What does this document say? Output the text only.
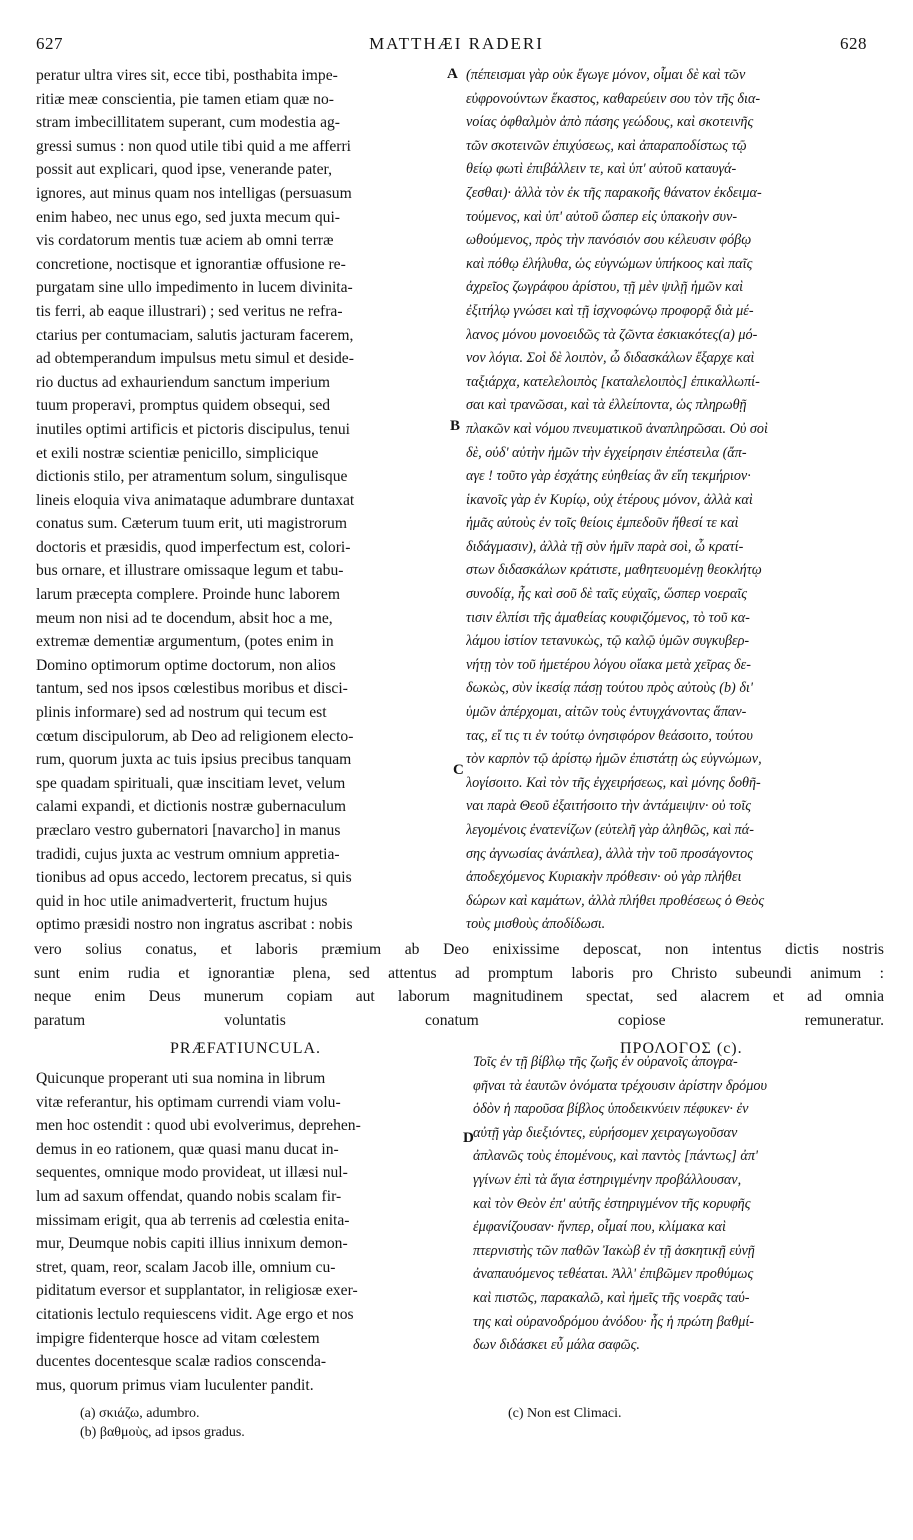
627	MATTHÆI RADERI	628
peratur ultra vires sit, ecce tibi, posthabita impe-
ritiæ meæ conscientia, pie tamen etiam quæ no-
stram imbecillitatem superant, cum modestia ag-
gressi sumus : non quod utile tibi quid a me afferri
possit aut explicari, quod ipse, venerande pater,
ignores, aut minus quam nos intelligas (persuasum
enim habeo, nec unus ego, sed juxta mecum qui-
vis cordatorum mentis tuæ aciem ab omni terræ
concretione, noctisque et ignorantiæ offusione re-
purgatam sine ullo impedimento in lucem divinita-
tis ferri, ab eaque illustrari) ; sed veritus ne refra-
ctarius per contumaciam, salutis jacturam facerem,
ad obtemperandum impulsus metu simul et deside-
rio ductus ad exhauriendum sanctum imperium
tuum properavi, promptus quidem obsequi, sed
inutiles optimi artificis et pictoris discipulus, tenui
et exili nostræ scientiæ penicillo, simplicique
dictionis stilo, per atramentum solum, singulisque
lineis eloquia viva animataque adumbrare duntaxat
conatus sum. Cæterum tuum erit, uti magistrorum
doctoris et præsidis, quod imperfectum est, colori-
bus ornare, et illustrare omissaque legum et tabu-
larum præcepta complere. Proinde hunc laborem
meum non nisi ad te docendum, absit hoc a me,
extremæ dementiæ argumentum, (potes enim in
Domino optimorum optime doctorum, non alios
tantum, sed nos ipsos cœlestibus moribus et disci-
plinis informare) sed ad nostrum qui tecum est
cœtum discipulorum, ab Deo ad religionem electo-
rum, quorum juxta ac tuis ipsius precibus tanquam
spe quadam spirituali, quæ inscitiam levet, velum
calami expandi, et dictionis nostræ gubernaculum
præclaro vestro gubernatori [navarcho] in manus
tradidi, cujus juxta ac vestrum omnium appretia-
tionibus ad opus accedo, lectorem precatus, si quis
quid in hoc utile animadverterit, fructum hujus
optimo præsidi nostro non ingratus ascribat : nobis
(πέπεισμαι γὰρ οὐκ ἔγωγε μόνον, οἶμαι δὲ καὶ τῶν
εὐφρονούντων ἕκαστος, καθαρεύειν σου τὸν τῆς δια-
νοίας ὀφθαλμὸν ἀπὸ πάσης γεώδους, καὶ σκοτεινῆς
τῶν σκοτεινῶν ἐπιχύσεως, καὶ ἀπαραποδίστως τῷ
θείῳ φωτὶ ἐπιβάλλειν τε, καὶ ὑπ' αὐτοῦ καταυγά-
ζεσθαι)· ἀλλὰ τὸν ἐκ τῆς παρακοῆς θάνατον ἐκδειμα-
τούμενος, καὶ ὑπ' αὐτοῦ ὥσπερ εἰς ὑπακοὴν συν-
ωθούμενος, πρὸς τὴν πανόσιόν σου κέλευσιν φόβῳ
καὶ πόθῳ ἐλήλυθα, ὡς εὐγνώμων ὑπήκοος καὶ παῖς
ἀχρεῖος ζωγράφου ἀρίστου, τῇ μὲν ψιλῇ ἡμῶν καὶ
ἐξιτήλῳ γνώσει καὶ τῇ ἰσχνοφώνῳ προφορᾷ διὰ μέ-
λανος μόνου μονοειδῶς τὰ ζῶντα ἐσκιακότες(a) μό-
νον λόγια. Σοὶ δὲ λοιπὸν, ὦ διδασκάλων ἔξαρχε καὶ
ταξιάρχα, κατελελοιπὸς [καταλελοιπὸς] ἐπικαλλωπί-
σαι καὶ τρανῶσαι, καὶ τὰ ἐλλείποντα, ὡς πληρωθῇ
πλακῶν καὶ νόμου πνευματικοῦ ἀναπληρῶσαι. Οὐ σοὶ
δὲ, οὐδ' αὐτὴν ἡμῶν τὴν ἐγχείρησιν ἐπέστειλα (ἄπ-
αγε ! τοῦτο γὰρ ἐσχάτης εὐηθείας ἂν εἴη τεκμήριον·
ἱκανοῖς γὰρ ἐν Κυρίῳ, οὐχ ἑτέρους μόνον, ἀλλὰ καὶ
ἡμᾶς αὐτοὺς ἐν τοῖς θείοις ἐμπεδοῦν ἤθεσί τε καὶ
διδάγμασιν), ἀλλὰ τῇ σὺν ἡμῖν παρὰ σοὶ, ὦ κρατί-
στων διδασκάλων κράτιστε, μαθητευομένῃ θεοκλήτῳ
συνοδίᾳ, ἧς καὶ σοῦ δὲ ταῖς εὐχαῖς, ὥσπερ νοεραῖς
τισιν ἐλπίσι τῆς ἀμαθείας κουφιζόμενος, τὸ τοῦ κα-
λάμου ἱστίον τετανυκὼς, τῷ καλῷ ὑμῶν συγκυβερ-
νήτῃ τὸν τοῦ ἡμετέρου λόγου οἴακα μετὰ χεῖρας δε-
δωκὼς, σὺν ἱκεσίᾳ πάσῃ τούτου πρὸς αὐτοὺς (b) δι'
ὑμῶν ἀπέρχομαι, αἰτῶν τοὺς ἐντυγχάνοντας ἅπαν-
τας, εἴ τις τι ἐν τούτῳ ὀνησιφόρον θεάσοιτο, τούτου
τὸν καρπὸν τῷ ἀρίστῳ ἡμῶν ἐπιστάτῃ ὡς εὐγνώμων,
λογίσοιτο. Καὶ τὸν τῆς ἐγχειρήσεως, καὶ μόνης δοθῆ-
ναι παρὰ Θεοῦ ἐξαιτήσοιτο τὴν ἀντάμειψιν· οὐ τοῖς
λεγομένοις ἐνατενίζων (εὐτελῆ γὰρ ἀληθῶς, καὶ πά-
σης ἀγνωσίας ἀνάπλεα), ἀλλὰ τὴν τοῦ προσάγοντος
ἀποδεχόμενος Κυριακὴν πρόθεσιν· οὐ γὰρ πλήθει
δώρων καὶ καμάτων, ἀλλὰ πλήθει προθέσεως ὁ Θεὸς
τοὺς μισθοὺς ἀποδίδωσι.
A
B
C
D
vero solius conatus, et laboris præmium ab Deo enixissime deposcat, non intentus dictis nostris
sunt enim rudia et ignorantiæ plena, sed attentus ad promptum laboris pro Christo subeundi animum :
neque enim Deus munerum copiam aut laborum magnitudinem spectat, sed alacrem et ad omnia
paratum voluntatis conatum copiose remuneratur.
PRÆFATIUNCULA.	ΠΡΟΛΟΓΟΣ (c).
Quicunque properant uti sua nomina in librum
vitæ referantur, his optimam currendi viam volu-
men hoc ostendit : quod ubi evolverimus, deprehen-
demus in eo rationem, quæ quasi manu ducat in-
sequentes, omnique modo provideat, ut illæsi nul-
lum ad saxum offendat, quando nobis scalam fir-
missimam erigit, qua ab terrenis ad cœlestia enita-
mur, Deumque nobis capiti illius innixum demon-
stret, quam, reor, scalam Jacob ille, omnium cu-
piditatum eversor et supplantator, in religiosæ exer-
citationis lectulo requiescens vidit. Age ergo et nos
impigre fidenterque hosce ad vitam cœlestem
ducentes docentesque scalæ radios conscenda-
mus, quorum primus viam luculenter pandit.
Τοῖς ἐν τῇ βίβλῳ τῆς ζωῆς ἐν οὐρανοῖς ἀπογρα-
φῆναι τὰ ἑαυτῶν ὀνόματα τρέχουσιν ἀρίστην δρόμου
ὁδὸν ἡ παροῦσα βίβλος ὑποδεικνύειν πέφυκεν· ἐν
αὐτῇ γὰρ διεξιόντες, εὑρήσομεν χειραγωγοῦσαν
ἀπλανῶς τοὺς ἑπομένους, καὶ παντὸς [πάντως] ἀπ'
γγίνων ἐπὶ τὰ ἅγια ἐστηριγμένην προβάλλουσαν,
καὶ τὸν Θεὸν ἐπ' αὐτῆς ἐστηριγμένον τῆς κορυφῆς
ἐμφανίζουσαν· ἥνπερ, οἶμαί που, κλίμακα καὶ
πτερνιστὴς τῶν παθῶν Ἰακὼβ ἐν τῇ ἀσκητικῇ εὐνῇ
ἀναπαυόμενος τεθέαται. Ἀλλ' ἐπιβῶμεν προθύμως
καὶ πιστῶς, παρακαλῶ, καὶ ἡμεῖς τῆς νοερᾶς ταύ-
της καὶ οὐρανοδρόμου ἀνόδου· ἧς ἡ πρώτη βαθμί-
δων διδάσκει εὖ μάλα σαφῶς.
(a) σκιάζω, adumbro.
(b) βαθμοὺς, ad ipsos gradus.
(c) Non est Climaci.
